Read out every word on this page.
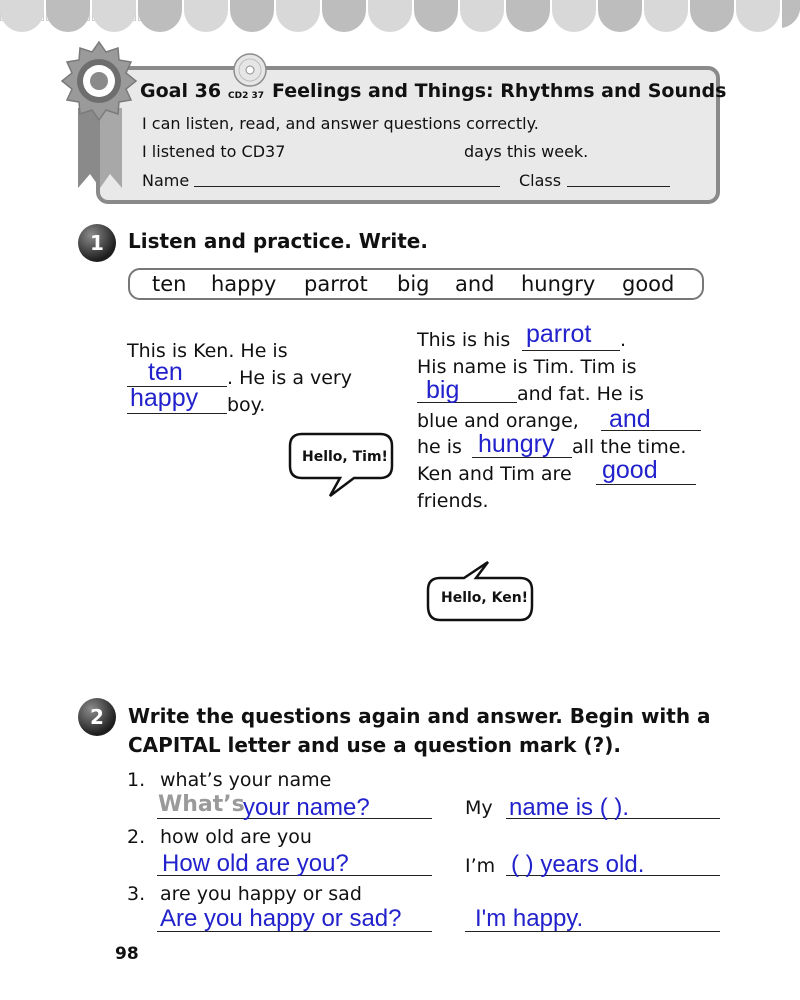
Goal 36 CD2 37 Feelings and Things: Rhythms and Sounds
I can listen, read, and answer questions correctly.
I listened to CD37	days this week.
Name	Class
1	Listen and practice. Write.
ten happy parrot big and hungry good
This is Ken. He is
ten . He is a very
happy boy.
Hello, Tim!
This is his parrot .
His name is Tim. Tim is
big	and fat. He is
blue and orange, and
he is hungry all the time.
Ken and Tim are good
friends.
Hello, Ken!
2	Write the questions again and answer. Begin with a
CAPITAL letter and use a question mark (?).
1. what’s your name
What’s
your name?	My name is ( ).
2. how old are you
How old are you?	I’m ( ) years old.
3. are you happy or sad
Are you happy or sad?	I'm happy.
98
